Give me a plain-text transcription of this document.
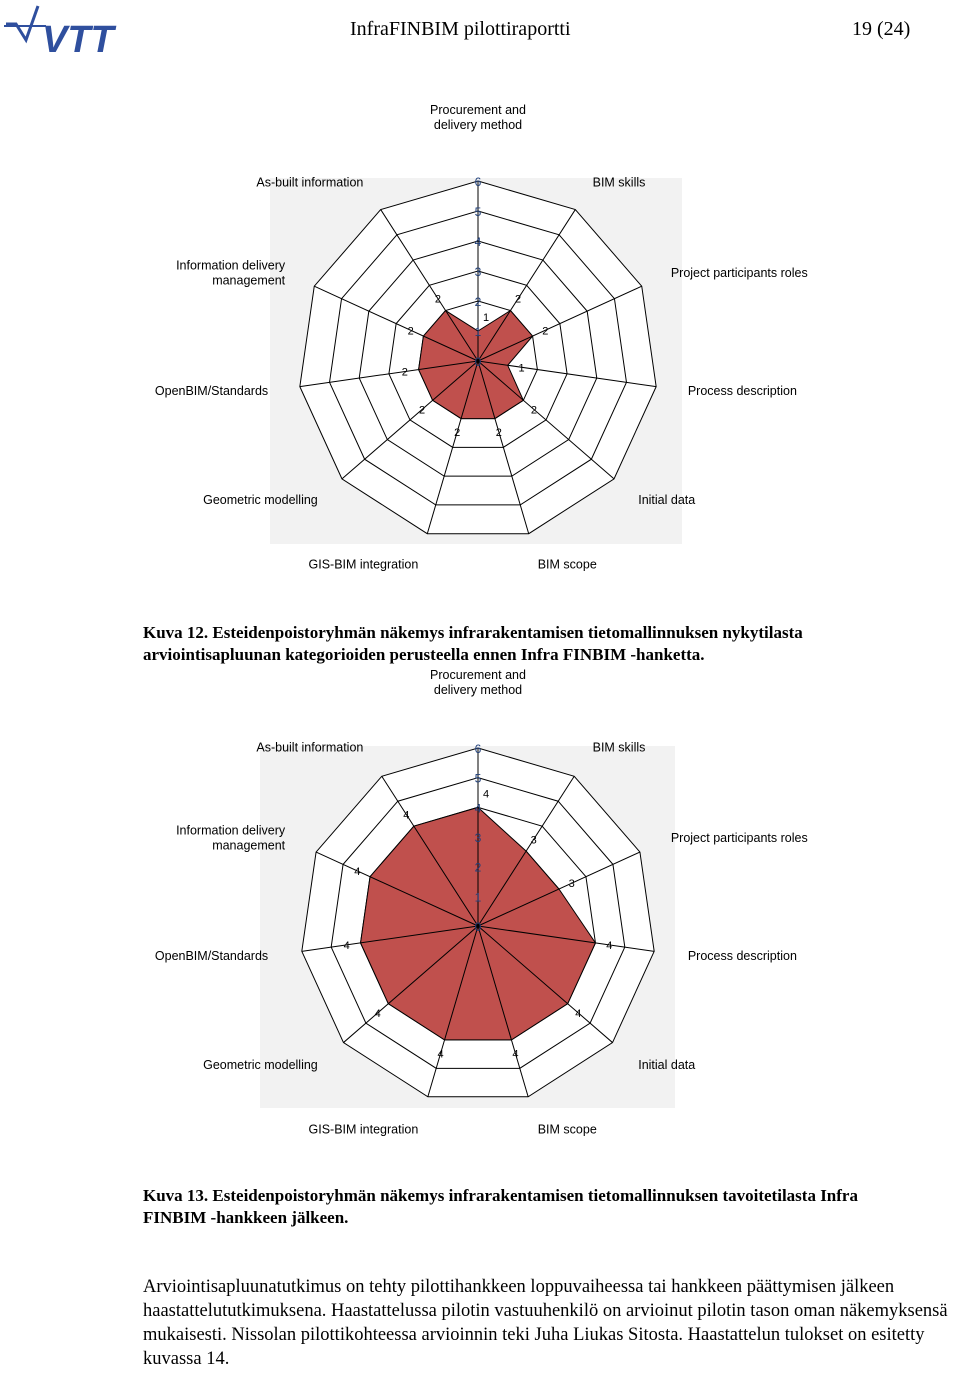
VTT	InfraFINBIM pilottiraportti	19 (24)
0
1
2
3
4
5
6
1
2
2
1
2
2
2
2
2
2
2
Procurement and delivery method
BIM skills
Project participants roles
Process description
Initial data
BIM scope
GIS-BIM integration
Geometric modelling
OpenBIM/Standards
Information delivery management
As-built information
Kuva 12. Esteidenpoistoryhmän näkemys infrarakentamisen tietomallinnuksen nykytilasta arviointisapluunan kategorioiden perusteella ennen Infra FINBIM -hanketta.
0
1
2
3
4
5
6
4
3
3
4
4
4
4
4
4
4
4
Procurement and delivery method
BIM skills
Project participants roles
Process description
Initial data
BIM scope
GIS-BIM integration
Geometric modelling
OpenBIM/Standards
Information delivery management
As-built information
Kuva 13. Esteidenpoistoryhmän näkemys infrarakentamisen tietomallinnuksen tavoitetilasta Infra FINBIM -hankkeen jälkeen.
Arviointisapluunatutkimus on tehty pilottihankkeen loppuvaiheessa tai hankkeen päättymisen jälkeen haastattelututkimuksena. Haastattelussa pilotin vastuuhenkilö on arvioinut pilotin tason oman näkemyksensä mukaisesti. Nissolan pilottikohteessa arvioinnin teki Juha Liukas Sitosta. Haastattelun tulokset on esitetty kuvassa 14.
